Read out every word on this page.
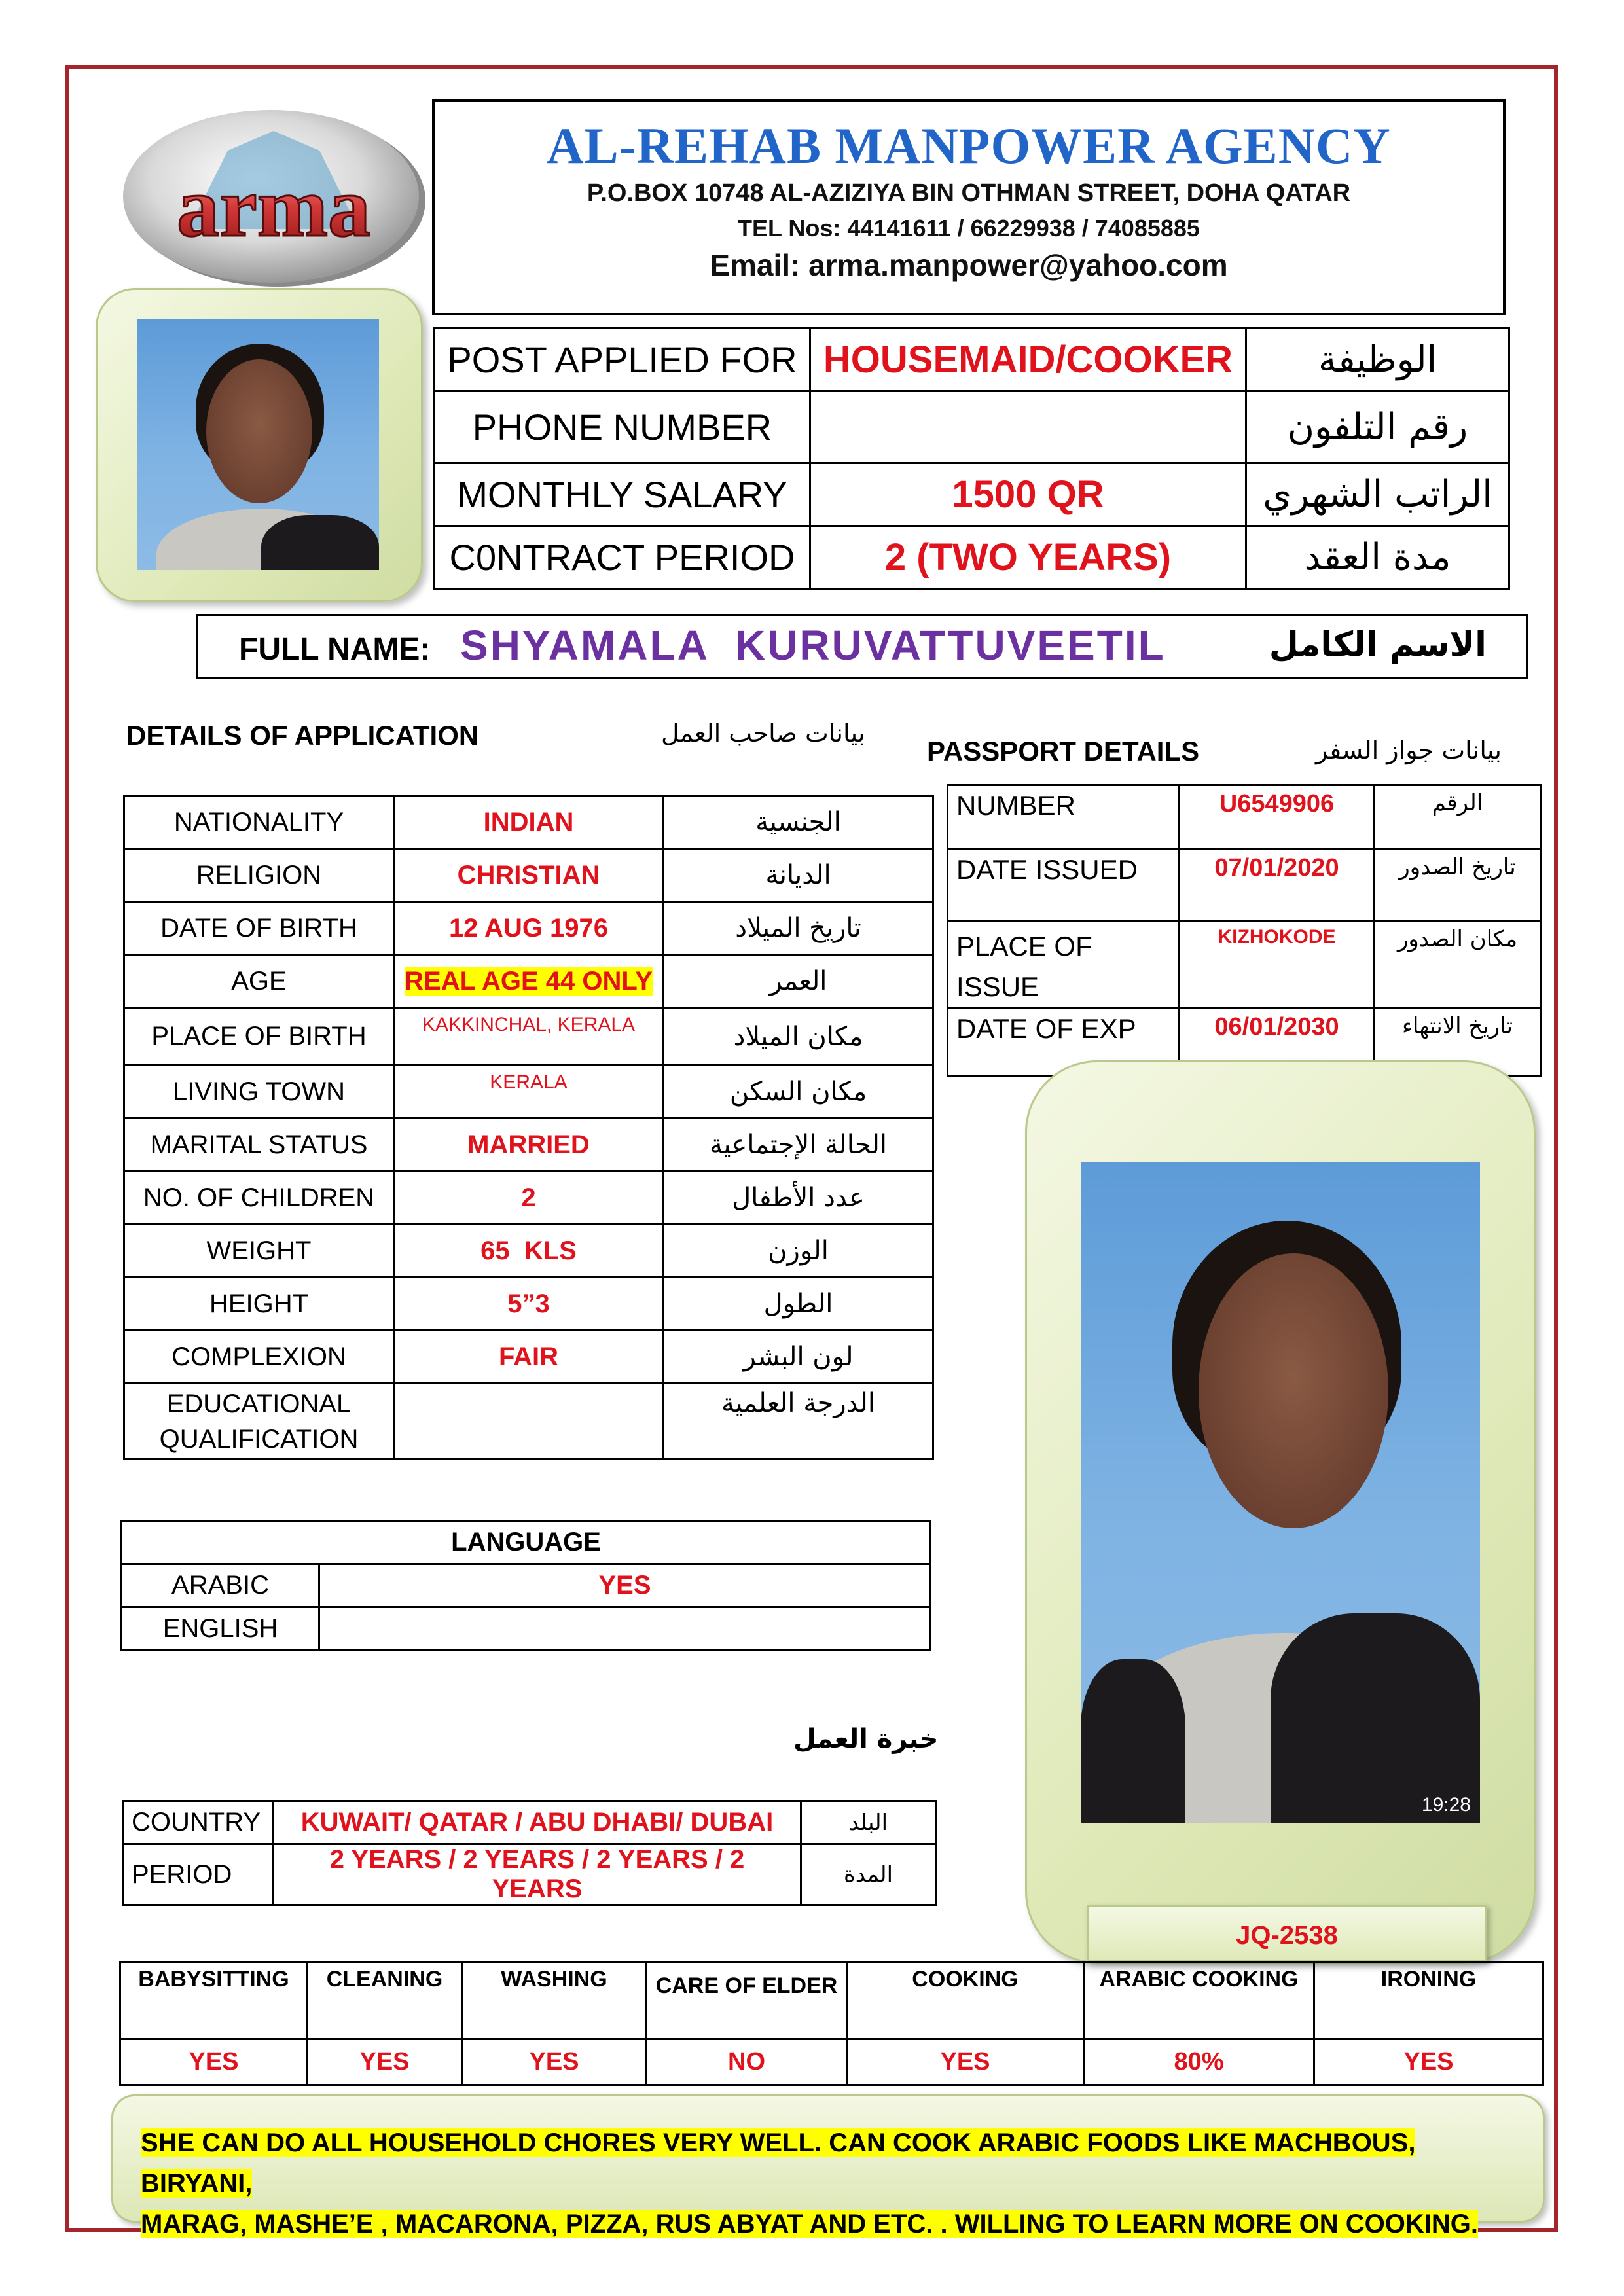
arma
AL-REHAB MANPOWER AGENCY
P.O.BOX 10748 AL-AZIZIYA BIN OTHMAN STREET, DOHA QATAR
TEL Nos: 44141611 / 66229938 / 74085885
Email: arma.manpower@yahoo.com
POST APPLIED FOR	HOUSEMAID/COOKER	الوظيفة
PHONE NUMBER		رقم التلفون
MONTHLY SALARY	1500 QR	الراتب الشهري
C0NTRACT PERIOD	2 (TWO YEARS)	مدة العقد
FULL NAME: SHYAMALA  KURUVATTUVEETIL	الاسم الكامل
DETAILS OF APPLICATION	بيانات صاحب العمل
PASSPORT DETAILS	بيانات جواز السفر
NATIONALITY	INDIAN	الجنسية
RELIGION	CHRISTIAN	الديانة
DATE OF BIRTH	12 AUG 1976	تاريخ الميلاد
AGE	REAL AGE 44 ONLY	العمر
PLACE OF BIRTH	KAKKINCHAL, KERALA	مكان الميلاد
LIVING TOWN	KERALA	مكان السكن
MARITAL STATUS	MARRIED	الحالة الإجتماعية
NO. OF CHILDREN	2	عدد الأطفال
WEIGHT	65  KLS	الوزن
HEIGHT	5”3	الطول
COMPLEXION	FAIR	لون البشر
EDUCATIONAL QUALIFICATION		الدرجة العلمية
NUMBER	U6549906	الرقم
DATE ISSUED	07/01/2020	تاريخ الصدور
PLACE OF ISSUE	KIZHOKODE	مكان الصدور
DATE OF EXP	06/01/2030	تاريخ الانتهاء
19:28
LANGUAGE	
ARABIC	YES
ENGLISH	
خبرة العمل
COUNTRY	KUWAIT/ QATAR / ABU DHABI/ DUBAI	البلد
PERIOD	2 YEARS / 2 YEARS / 2 YEARS / 2 YEARS	المدة
JQ-2538
BABYSITTING	CLEANING	WASHING	CARE OF ELDER	COOKING	ARABIC COOKING	IRONING
YES	YES	YES	NO	YES	80%	YES
SHE CAN DO ALL HOUSEHOLD CHORES VERY WELL. CAN COOK ARABIC FOODS LIKE MACHBOUS, BIRYANI,
MARAG, MASHE’E , MACARONA, PIZZA, RUS ABYAT AND ETC. . WILLING TO LEARN MORE ON COOKING.
